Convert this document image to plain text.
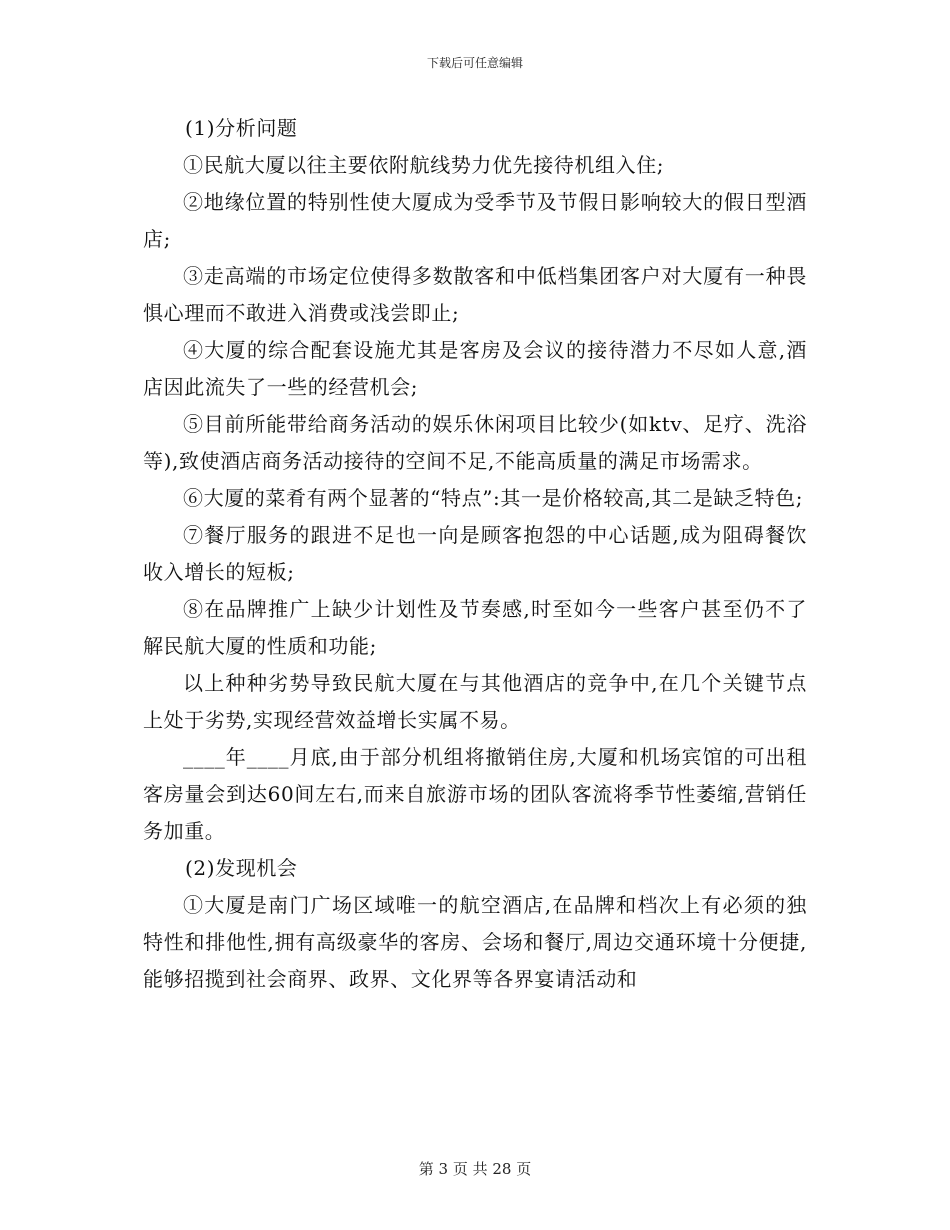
下载后可任意编辑

(1)分析问题

①民航大厦以往主要依附航线势力优先接待机组入住;

②地缘位置的特别性使大厦成为受季节及节假日影响较大的假日型酒店;

③走高端的市场定位使得多数散客和中低档集团客户对大厦有一种畏惧心理而不敢进入消费或浅尝即止;

④大厦的综合配套设施尤其是客房及会议的接待潜力不尽如人意,酒店因此流失了一些的经营机会;

⑤目前所能带给商务活动的娱乐休闲项目比较少(如ktv、足疗、洗浴等),致使酒店商务活动接待的空间不足,不能高质量的满足市场需求。

⑥大厦的菜肴有两个显著的“特点”:其一是价格较高,其二是缺乏特色;

⑦餐厅服务的跟进不足也一向是顾客抱怨的中心话题,成为阻碍餐饮收入增长的短板;

⑧在品牌推广上缺少计划性及节奏感,时至如今一些客户甚至仍不了解民航大厦的性质和功能;

以上种种劣势导致民航大厦在与其他酒店的竞争中,在几个关键节点上处于劣势,实现经营效益增长实属不易。

____年____月底,由于部分机组将撤销住房,大厦和机场宾馆的可出租客房量会到达60间左右,而来自旅游市场的团队客流将季节性萎缩,营销任务加重。

(2)发现机会

①大厦是南门广场区域唯一的航空酒店,在品牌和档次上有必须的独特性和排他性,拥有高级豪华的客房、会场和餐厅,周边交通环境十分便捷,能够招揽到社会商界、政界、文化界等各界宴请活动和

第 3 页 共 28 页
